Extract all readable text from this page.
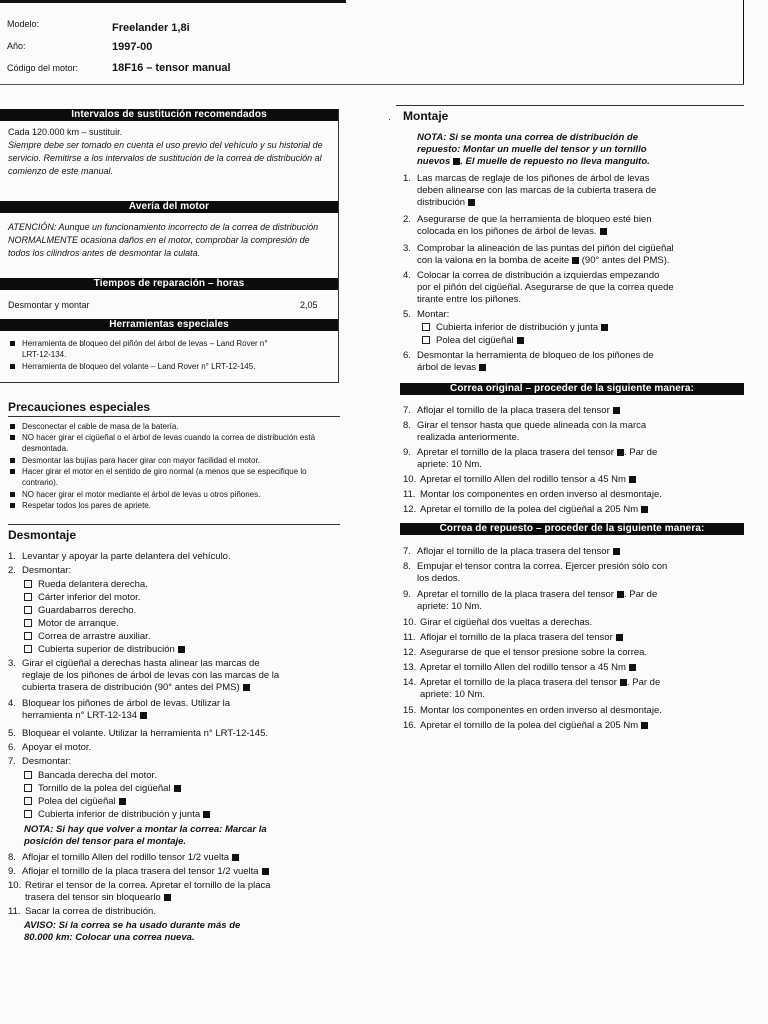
Modelo:	Freelander 1,8i
Año:	1997-00
Código del motor:	18F16 – tensor manual
Intervalos de sustitución recomendados
Cada 120.000 km – sustituir.
Siempre debe ser tomado en cuenta el uso previo del vehículo y su historial de servicio. Remitirse a los intervalos de sustitución de la correa de distribución al comienzo de este manual.
Avería del motor
ATENCIÓN: Aunque un funcionamiento incorrecto de la correa de distribución NORMALMENTE ocasiona daños en el motor, comprobar la compresión de todos los cilindros antes de desmontar la culata.
Tiempos de reparación – horas
Desmontar y montar	2,05
Herramientas especiales
Herramienta de bloqueo del piñón del árbol de levas – Land Rover n° LRT-12-134.
Herramienta de bloqueo del volante – Land Rover n° LRT-12-145.
Precauciones especiales
Desconectar el cable de masa de la batería.
NO hacer girar el cigüeñal o el árbol de levas cuando la correa de distribución está desmontada.
Desmontar las bujías para hacer girar con mayor facilidad el motor.
Hacer girar el motor en el sentido de giro normal (a menos que se especifique lo contrario).
NO hacer girar el motor mediante el árbol de levas u otros piñones.
Respetar todos los pares de apriete.
Desmontaje
1. Levantar y apoyar la parte delantera del vehículo.
2. Desmontar:
Rueda delantera derecha.
Cárter inferior del motor.
Guardabarros derecho.
Motor de arranque.
Correa de arrastre auxiliar.
Cubierta superior de distribución
3. Girar el cigüeñal a derechas hasta alinear las marcas de
reglaje de los piñones de árbol de levas con las marcas de la
cubierta trasera de distribución (90° antes del PMS)
4. Bloquear los piñones de árbol de levas. Utilizar la
herramienta n° LRT-12-134
5. Bloquear el volante. Utilizar la herramienta n° LRT-12-145.
6. Apoyar el motor.
7. Desmontar:
Bancada derecha del motor.
Tornillo de la polea del cigüeñal
Polea del cigüeñal
Cubierta inferior de distribución y junta
NOTA: Si hay que volver a montar la correa: Marcar la
posición del tensor para el montaje.
8. Aflojar el tornillo Allen del rodillo tensor 1/2 vuelta
9. Aflojar el tornillo de la placa trasera del tensor 1/2 vuelta
10. Retirar el tensor de la correa. Apretar el tornillo de la placa
trasera del tensor sin bloquearlo
11. Sacar la correa de distribución.
AVISO: Si la correa se ha usado durante más de
80.000 km: Colocar una correa nueva.
· Montaje
NOTA: Si se monta una correa de distribución de
repuesto: Montar un muelle del tensor y un tornillo
nuevos . El muelle de repuesto no lleva manguito.
1. Las marcas de reglaje de los piñones de árbol de levas
deben alinearse con las marcas de la cubierta trasera de
distribución
2. Asegurarse de que la herramienta de bloqueo esté bien
colocada en los piñones de árbol de levas.
3. Comprobar la alineación de las puntas del piñón del cigüeñal
con la valona en la bomba de aceite (90° antes del PMS).
4. Colocar la correa de distribución a izquierdas empezando
por el piñón del cigüeñal. Asegurarse de que la correa quede
tirante entre los piñones.
5. Montar:
Cubierta inferior de distribución y junta
Polea del cigüeñal
6. Desmontar la herramienta de bloqueo de los piñones de
árbol de levas
Correa original – proceder de la siguiente manera:
7. Aflojar el tornillo de la placa trasera del tensor
8. Girar el tensor hasta que quede alineada con la marca
realizada anteriormente.
9. Apretar el tornillo de la placa trasera del tensor . Par de
apriete: 10 Nm.
10. Apretar el tornillo Allen del rodillo tensor a 45 Nm
11. Montar los componentes en orden inverso al desmontaje.
12. Apretar el tornillo de la polea del cigüeñal a 205 Nm
Correa de repuesto – proceder de la siguiente manera:
7. Aflojar el tornillo de la placa trasera del tensor
8. Empujar el tensor contra la correa. Ejercer presión sólo con
los dedos.
9. Apretar el tornillo de la placa trasera del tensor . Par de
apriete: 10 Nm.
10. Girar el cigüeñal dos vueltas a derechas.
11. Aflojar el tornillo de la placa trasera del tensor
12. Asegurarse de que el tensor presione sobre la correa.
13. Apretar el tornillo Allen del rodillo tensor a 45 Nm
14. Apretar el tornillo de la placa trasera del tensor . Par de
apriete: 10 Nm.
15. Montar los componentes en orden inverso al desmontaje.
16. Apretar el tornillo de la polea del cigüeñal a 205 Nm
